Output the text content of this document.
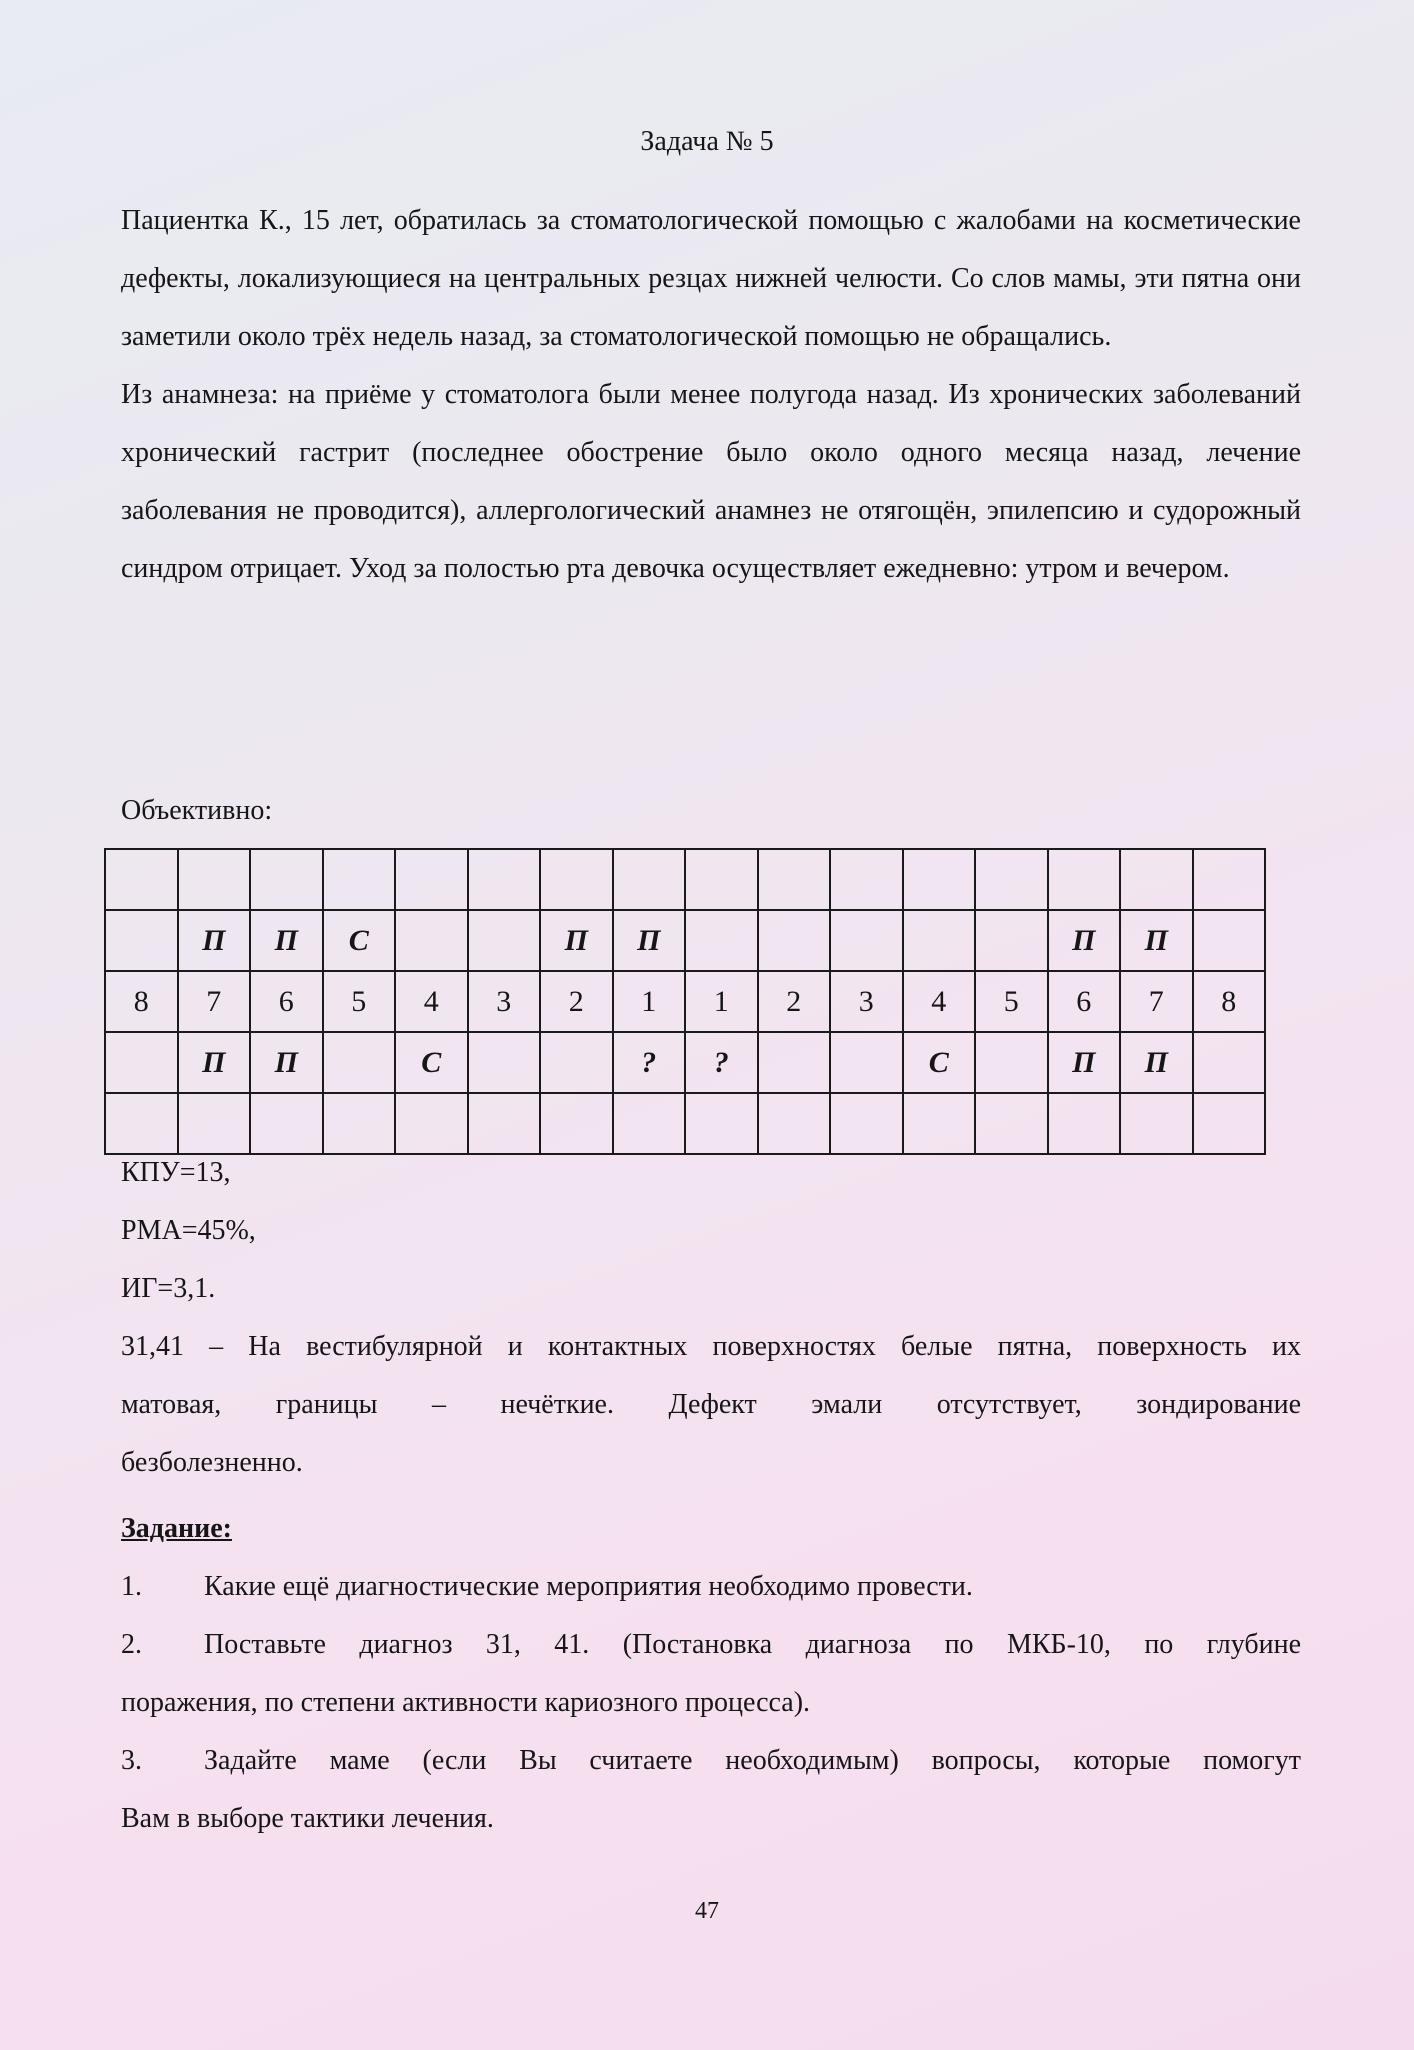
Задача № 5

Пациентка К., 15 лет, обратилась за стоматологической помощью с жалобами на косметические дефекты, локализующиеся на центральных резцах нижней челюсти. Со слов мамы, эти пятна они заметили около трёх недель назад, за стоматологической помощью не обращались.

Из анамнеза: на приёме у стоматолога были менее полугода назад. Из хронических заболеваний хронический гастрит (последнее обострение было около одного месяца назад, лечение заболевания не проводится), аллергологический анамнез не отягощён, эпилепсию и судорожный синдром отрицает. Уход за полостью рта девочка осуществляет ежедневно: утром и вечером.

Объективно:

	П	П	С			П	П						П	П	
8	7	6	5	4	3	2	1	1	2	3	4	5	6	7	8
	П	П		С			?	?			С		П	П	

КПУ=13,
РМА=45%,
ИГ=3,1.
31,41 – На вестибулярной и контактных поверхностях белые пятна, поверхность их
матовая, границы – нечёткие. Дефект эмали отсутствует, зондирование
безболезненно.
Задание:
1. Какие ещё диагностические мероприятия необходимо провести.
2. Поставьте диагноз 31, 41. (Постановка диагноза по МКБ-10, по глубине
поражения, по степени активности кариозного процесса).
3. Задайте маме (если Вы считаете необходимым) вопросы, которые помогут
Вам в выборе тактики лечения.
47
